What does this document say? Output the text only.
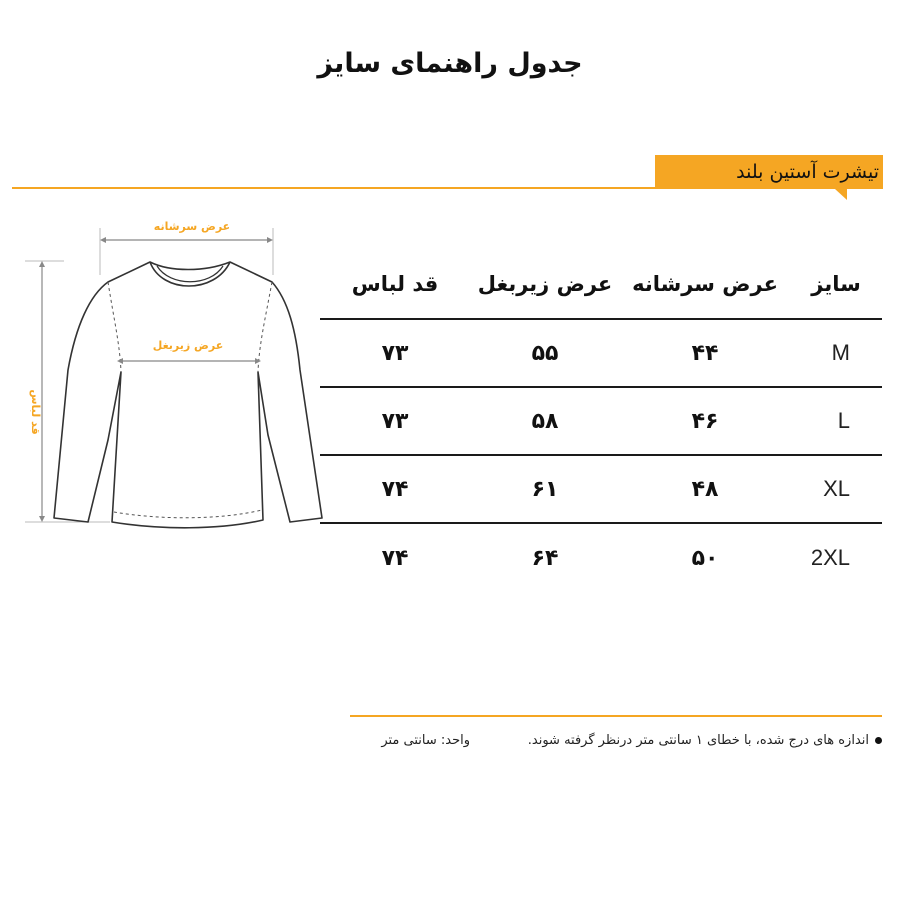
جدول راهنمای سایز
تیشرت آستین بلند
عرض سرشانه
قد لباس
عرض زیربغل
سایز
عرض سرشانه
عرض زیربغل
قد لباس
M
۴۴
۵۵
۷۳
L
۴۶
۵۸
۷۳
XL
۴۸
۶۱
۷۴
2XL
۵۰
۶۴
۷۴
اندازه های درج شده، با خطای ۱ سانتی متر درنظر گرفته شوند.
واحد: سانتی متر
